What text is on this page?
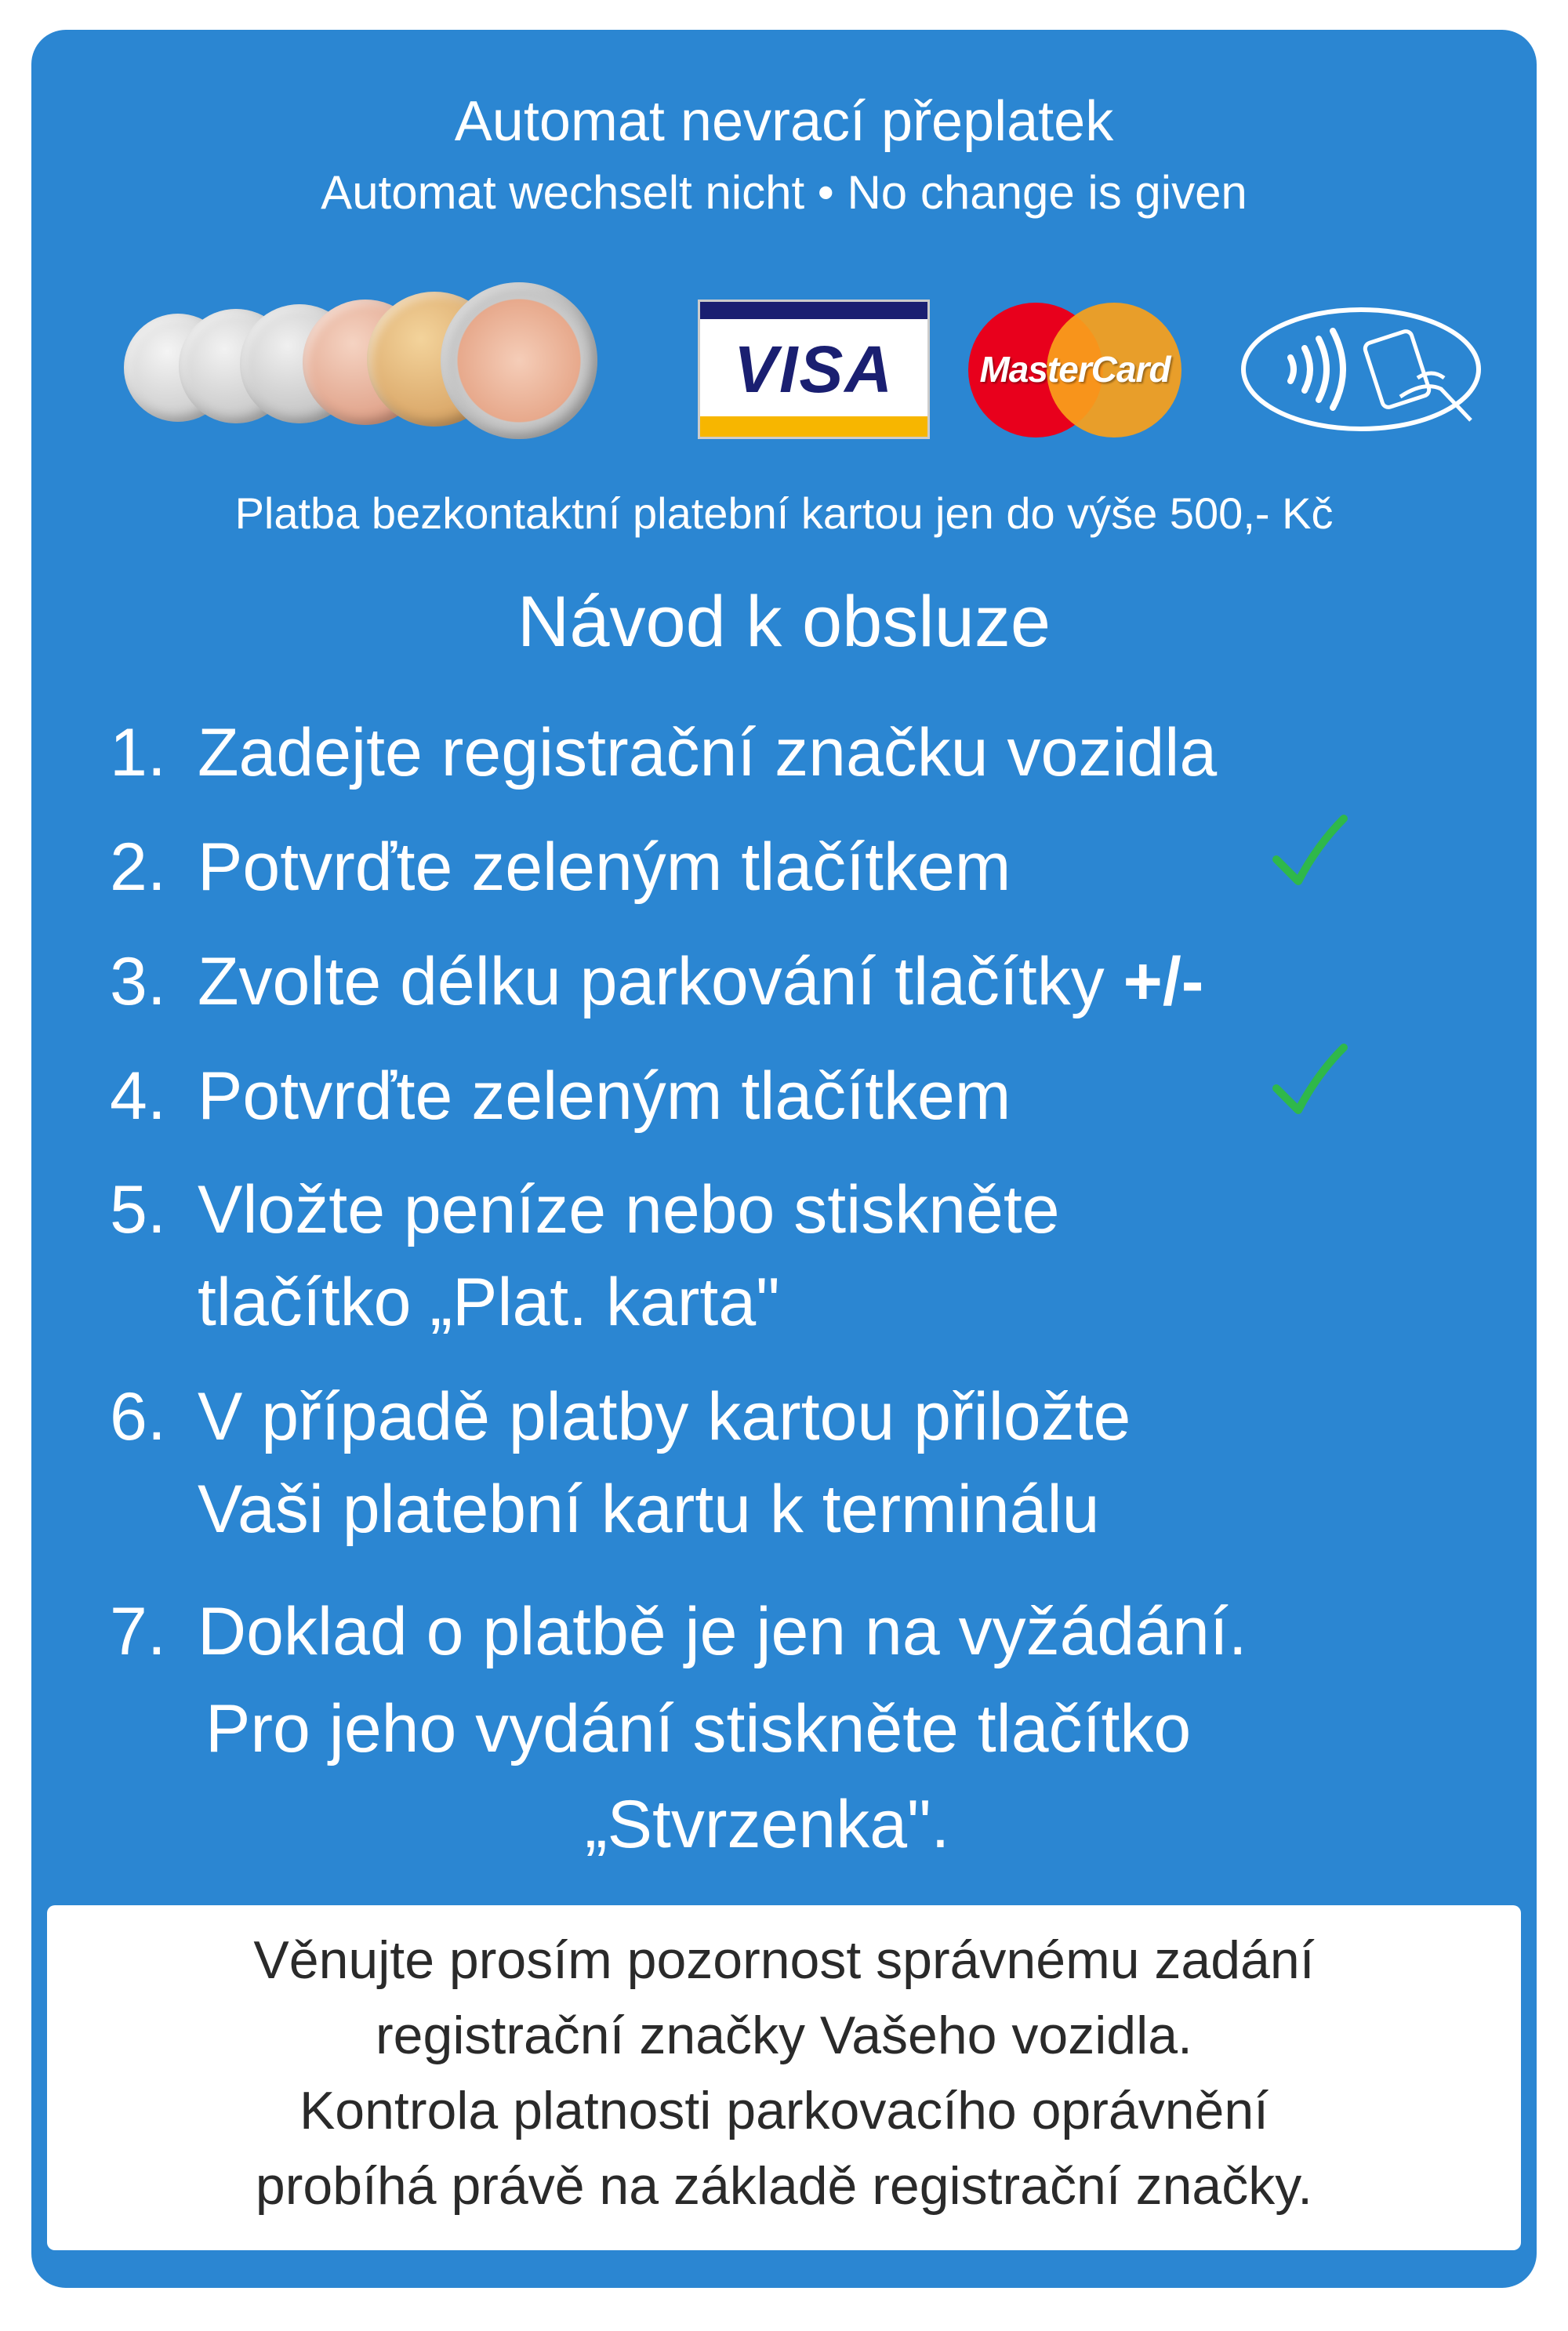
Automat nevrací přeplatek
Automat wechselt nicht • No change is given
VISA	MasterCard
Platba bezkontaktní platební kartou jen do výše 500,- Kč
Návod k obsluze
1. Zadejte registrační značku vozidla
2. Potvrďte zeleným tlačítkem
3. Zvolte délku parkování tlačítky +/-
4. Potvrďte zeleným tlačítkem
5. Vložte peníze nebo stiskněte
tlačítko „Plat. karta"
6. V případě platby kartou přiložte
Vaši platební kartu k terminálu
7. Doklad o platbě je jen na vyžádání.
Pro jeho vydání stiskněte tlačítko
„Stvrzenka".
Věnujte prosím pozornost správnému zadání
registrační značky Vašeho vozidla.
Kontrola platnosti parkovacího oprávnění
probíhá právě na základě registrační značky.
